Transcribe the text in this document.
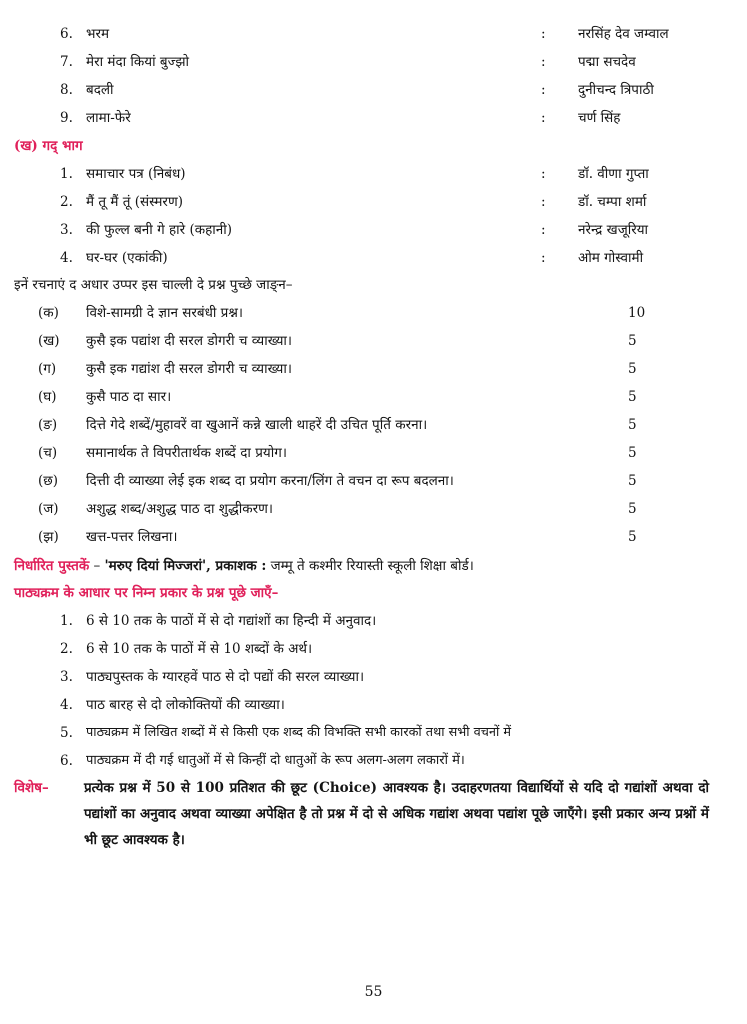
6. भरम	: नरसिंह देव जम्वाल
7. मेरा मंदा कियां बुज्झो	: पद्मा सचदेव
8. बदली	: दुनीचन्द त्रिपाठी
9. लामा-फेरे	: चर्ण सिंह
(ख) गद् भाग
1. समाचार पत्र (निबंध)	: डॉ. वीणा गुप्ता
2. मैं तू मैं तूं (संस्मरण)	: डॉ. चम्पा शर्मा
3. की फुल्ल बनी गे हारे (कहानी)	: नरेन्द्र खजूरिया
4. घर-घर (एकांकी)	: ओम गोस्वामी
इनें रचनाएं द अधार उप्पर इस चाल्ली दे प्रश्न पुच्छे जाङ्न–
(क)	विशे-सामग्री दे ज्ञान सरबंधी प्रश्न।	10
(ख)	कुसै इक पद्यांश दी सरल डोगरी च व्याख्या।	5
(ग)	कुसै इक गद्यांश दी सरल डोगरी च व्याख्या।	5
(घ)	कुसै पाठ दा सार।	5
(ङ)	दित्ते गेदे शब्दें/मुहावरें वा खुआनें कन्ने खाली थाहरें दी उचित पूर्ति करना।	5
(च)	समानार्थक ते विपरीतार्थक शब्दें दा प्रयोग।	5
(छ)	दित्ती दी व्याख्या लेई इक शब्द दा प्रयोग करना/लिंग ते वचन दा रूप बदलना।	5
(ज)	अशुद्ध शब्द/अशुद्ध पाठ दा शुद्धीकरण।	5
(झ)	खत्त-पत्तर लिखना।	5
निर्धारित पुस्तकें – 'मरुए दियां मिज्जरां', प्रकाशक : जम्मू ते कश्मीर रियास्ती स्कूली शिक्षा बोर्ड।
पाठ्यक्रम के आधार पर निम्न प्रकार के प्रश्न पूछे जाएँ–
1. 6 से 10 तक के पाठों में से दो गद्यांशों का हिन्दी में अनुवाद।
2. 6 से 10 तक के पाठों में से 10 शब्दों के अर्थ।
3. पाठ्यपुस्तक के ग्यारहवें पाठ से दो पद्यों की सरल व्याख्या।
4. पाठ बारह से दो लोकोक्तियों की व्याख्या।
5.	पाठ्यक्रम में लिखित शब्दों में से किसी एक शब्द की विभक्ति सभी कारकों तथा सभी वचनों में
6.	पाठ्यक्रम में दी गई धातुओं में से किन्हीं दो धातुओं के रूप अलग-अलग लकारों में।
विशेष–	प्रत्येक प्रश्न में 50 से 100 प्रतिशत की छूट (Choice) आवश्यक है। उदाहरणतया विद्यार्थियों से यदि दो गद्यांशों अथवा दो पद्यांशों का अनुवाद अथवा व्याख्या अपेक्षित है तो प्रश्न में दो से अधिक गद्यांश अथवा पद्यांश पूछे जाएँगे। इसी प्रकार अन्य प्रश्नों में भी छूट आवश्यक है।
55
